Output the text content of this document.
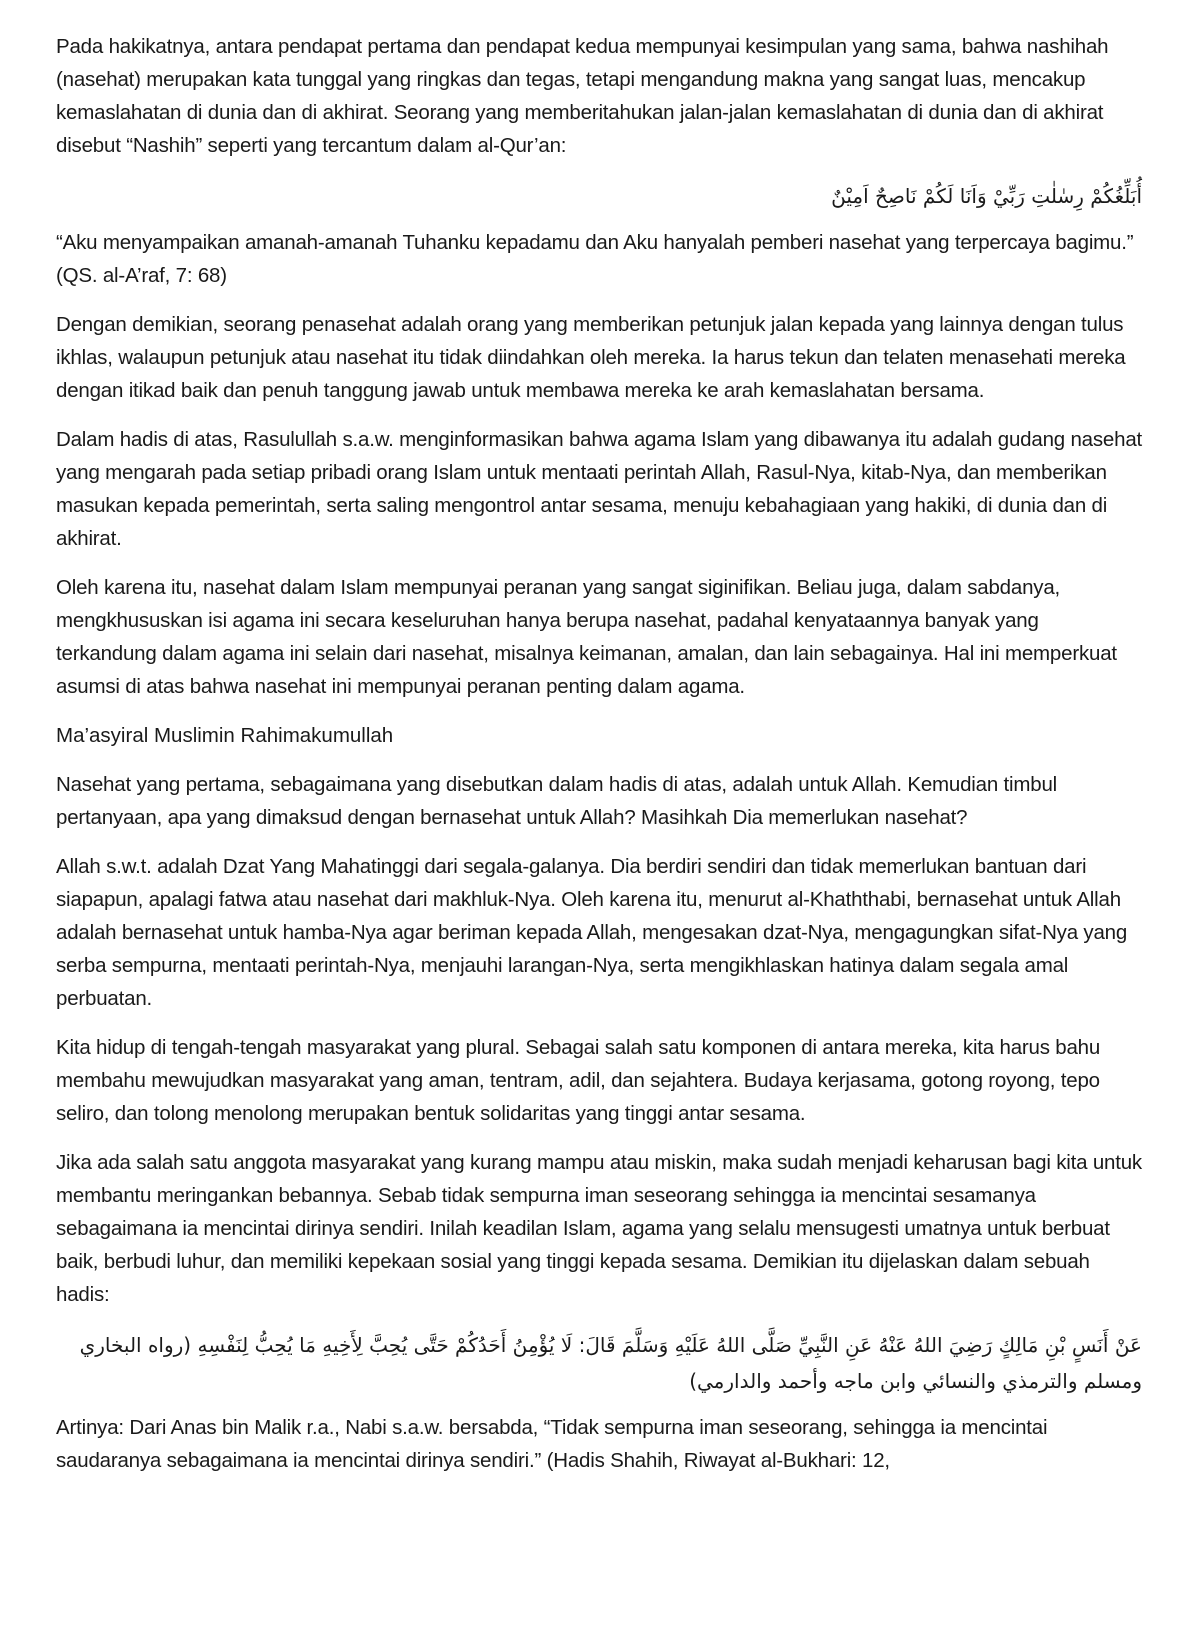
Pada hakikatnya, antara pendapat pertama dan pendapat kedua mempunyai kesimpulan yang sama, bahwa nashihah (nasehat) merupakan kata tunggal yang ringkas dan tegas, tetapi mengandung makna yang sangat luas, mencakup kemaslahatan di dunia dan di akhirat. Seorang yang memberitahukan jalan-jalan kemaslahatan di dunia dan di akhirat disebut “Nashih” seperti yang tercantum dalam al-Qur’an:

أُبَلِّغُكُمْ رِسٰلٰتِ رَبِّيْ وَاَنَا لَكُمْ نَاصِحٌ اَمِيْنٌ

“Aku menyampaikan amanah-amanah Tuhanku kepadamu dan Aku hanyalah pemberi nasehat yang terpercaya bagimu.” (QS. al-A’raf, 7: 68)

Dengan demikian, seorang penasehat adalah orang yang memberikan petunjuk jalan kepada yang lainnya dengan tulus ikhlas, walaupun petunjuk atau nasehat itu tidak diindahkan oleh mereka. Ia harus tekun dan telaten menasehati mereka dengan itikad baik dan penuh tanggung jawab untuk membawa mereka ke arah kemaslahatan bersama.

Dalam hadis di atas, Rasulullah s.a.w. menginformasikan bahwa agama Islam yang dibawanya itu adalah gudang nasehat yang mengarah pada setiap pribadi orang Islam untuk mentaati perintah Allah, Rasul-Nya, kitab-Nya, dan memberikan masukan kepada pemerintah, serta saling mengontrol antar sesama, menuju kebahagiaan yang hakiki, di dunia dan di akhirat.

Oleh karena itu, nasehat dalam Islam mempunyai peranan yang sangat siginifikan. Beliau juga, dalam sabdanya, mengkhususkan isi agama ini secara keseluruhan hanya berupa nasehat, padahal kenyataannya banyak yang terkandung dalam agama ini selain dari nasehat, misalnya keimanan, amalan, dan lain sebagainya. Hal ini memperkuat asumsi di atas bahwa nasehat ini mempunyai peranan penting dalam agama.

Ma’asyiral Muslimin Rahimakumullah

Nasehat yang pertama, sebagaimana yang disebutkan dalam hadis di atas, adalah untuk Allah. Kemudian timbul pertanyaan, apa yang dimaksud dengan bernasehat untuk Allah? Masihkah Dia memerlukan nasehat?

Allah s.w.t. adalah Dzat Yang Mahatinggi dari segala-galanya. Dia berdiri sendiri dan tidak memerlukan bantuan dari siapapun, apalagi fatwa atau nasehat dari makhluk-Nya. Oleh karena itu, menurut al-Khaththabi, bernasehat untuk Allah adalah bernasehat untuk hamba-Nya agar beriman kepada Allah, mengesakan dzat-Nya, mengagungkan sifat-Nya yang serba sempurna, mentaati perintah-Nya, menjauhi larangan-Nya, serta mengikhlaskan hatinya dalam segala amal perbuatan.

Kita hidup di tengah-tengah masyarakat yang plural. Sebagai salah satu komponen di antara mereka, kita harus bahu membahu mewujudkan masyarakat yang aman, tentram, adil, dan sejahtera. Budaya kerjasama, gotong royong, tepo seliro, dan tolong menolong merupakan bentuk solidaritas yang tinggi antar sesama.

Jika ada salah satu anggota masyarakat yang kurang mampu atau miskin, maka sudah menjadi keharusan bagi kita untuk membantu meringankan bebannya. Sebab tidak sempurna iman seseorang sehingga ia mencintai sesamanya sebagaimana ia mencintai dirinya sendiri. Inilah keadilan Islam, agama yang selalu mensugesti umatnya untuk berbuat baik, berbudi luhur, dan memiliki kepekaan sosial yang tinggi kepada sesama. Demikian itu dijelaskan dalam sebuah hadis:

عَنْ أَنَسٍ بْنِ مَالِكٍ رَضِيَ اللهُ عَنْهُ عَنِ النَّبِيِّ صَلَّى اللهُ عَلَيْهِ وَسَلَّمَ قَالَ: لَا يُؤْمِنُ أَحَدُكُمْ حَتَّى يُحِبَّ لِأَخِيهِ مَا يُحِبُّ لِنَفْسِهِ (رواه البخاري ومسلم والترمذي والنسائي وابن ماجه وأحمد والدارمي)

Artinya: Dari Anas bin Malik r.a., Nabi s.a.w. bersabda, “Tidak sempurna iman seseorang, sehingga ia mencintai saudaranya sebagaimana ia mencintai dirinya sendiri.” (Hadis Shahih, Riwayat al-Bukhari: 12,
